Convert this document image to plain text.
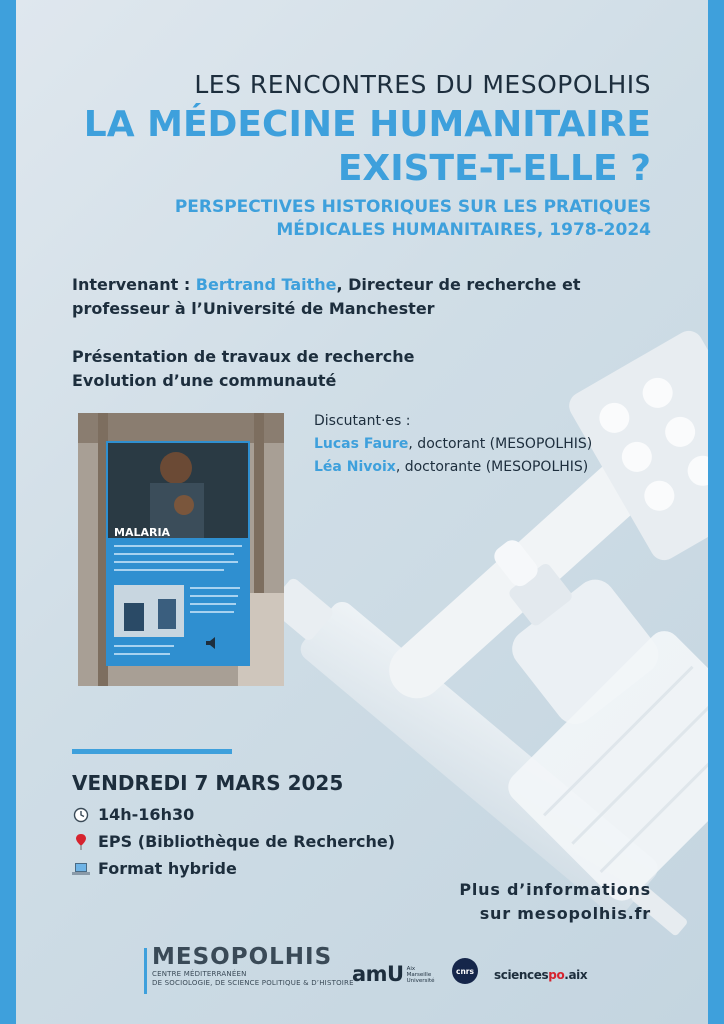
LES RENCONTRES DU MESOPOLHIS
LA MÉDECINE HUMANITAIRE
EXISTE-T-ELLE ?
PERSPECTIVES HISTORIQUES SUR LES PRATIQUES
MÉDICALES HUMANITAIRES, 1978-2024
Intervenant : Bertrand Taithe, Directeur de recherche et
professeur à l’Université de Manchester
Présentation de travaux de recherche
Evolution d’une communauté
MALARIA
Discutant·es :
Lucas Faure, doctorant (MESOPOLHIS)
Léa Nivoix, doctorante (MESOPOLHIS)
VENDREDI 7 MARS 2025
14h-16h30
EPS (Bibliothèque de Recherche)
Format hybride
Plus d’informations
sur mesopolhis.fr
MESOPOLHIS
CENTRE MÉDITERRANÉEN
DE SOCIOLOGIE, DE SCIENCE POLITIQUE & D’HISTOIRE
amU Aix
Marseille
Université
cnrs	sciencespo.aix
